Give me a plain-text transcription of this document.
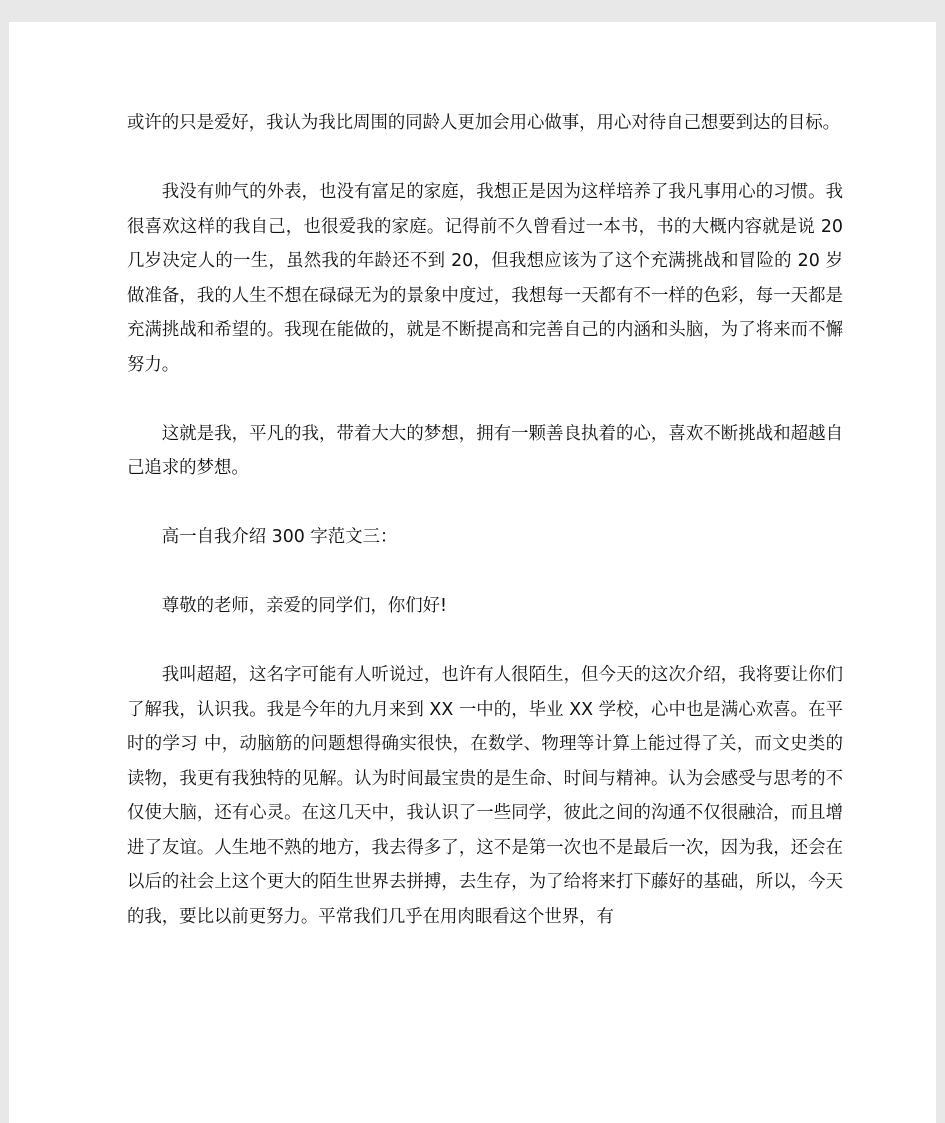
或许的只是爱好，我认为我比周围的同龄人更加会用心做事，用心对待自己想要到达的目标。

我没有帅气的外表，也没有富足的家庭，我想正是因为这样培养了我凡事用心的习惯。我很喜欢这样的我自己，也很爱我的家庭。记得前不久曾看过一本书，书的大概内容就是说 20 几岁决定人的一生，虽然我的年龄还不到 20，但我想应该为了这个充满挑战和冒险的 20 岁做准备，我的人生不想在碌碌无为的景象中度过，我想每一天都有不一样的色彩，每一天都是充满挑战和希望的。我现在能做的，就是不断提高和完善自己的内涵和头脑，为了将来而不懈努力。

这就是我，平凡的我，带着大大的梦想，拥有一颗善良执着的心，喜欢不断挑战和超越自己追求的梦想。

高一自我介绍 300 字范文三：

尊敬的老师，亲爱的同学们，你们好!

我叫超超，这名字可能有人听说过，也许有人很陌生，但今天的这次介绍，我将要让你们了解我，认识我。我是今年的九月来到 XX 一中的，毕业 XX 学校，心中也是满心欢喜。在平时的学习 中，动脑筋的问题想得确实很快，在数学、物理等计算上能过得了关，而文史类的读物，我更有我独特的见解。认为时间最宝贵的是生命、时间与精神。认为会感受与思考的不仅使大脑，还有心灵。在这几天中，我认识了一些同学，彼此之间的沟通不仅很融洽，而且增进了友谊。人生地不熟的地方，我去得多了，这不是第一次也不是最后一次，因为我，还会在以后的社会上这个更大的陌生世界去拼搏，去生存，为了给将来打下藤好的基础，所以，今天的我，要比以前更努力。平常我们几乎在用肉眼看这个世界，有
